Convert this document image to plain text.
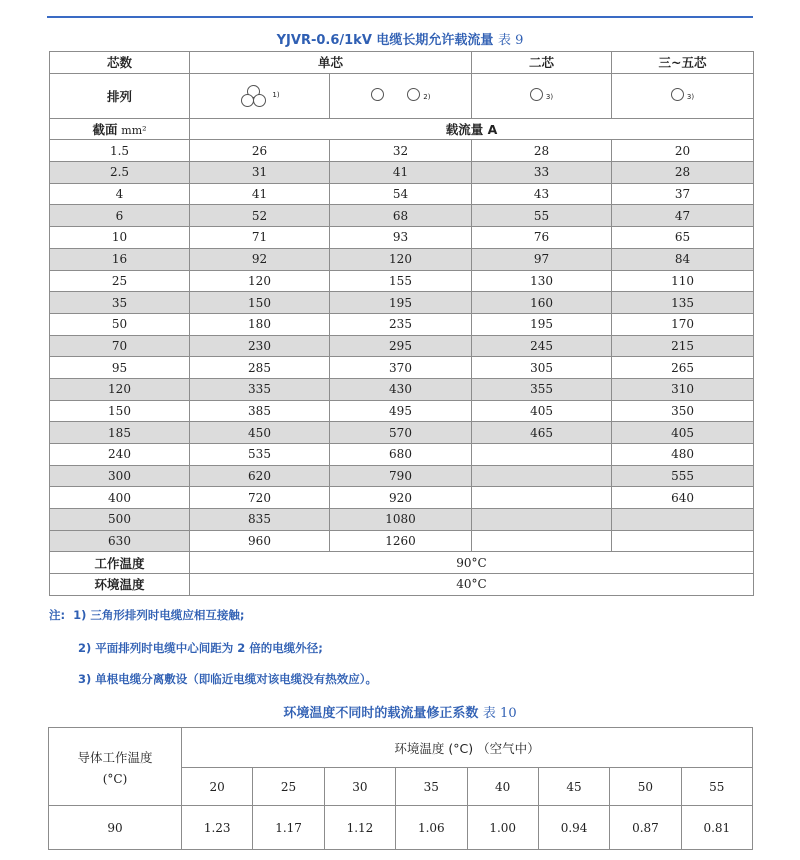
YJVR-0.6/1kV 电缆长期允许载流量 表 9
芯数	单芯		二芯	三~五芯
排列	$^{1)}$	$^{2)}$	$^{3)}$	$^{3)}$
截面 mm²	载流量 A			
1.5	26	32	28	20
2.5	31	41	33	28
4	41	54	43	37
6	52	68	55	47
10	71	93	76	65
16	92	120	97	84
25	120	155	130	110
35	150	195	160	135
50	180	235	195	170
70	230	295	245	215
95	285	370	305	265
120	335	430	355	310
150	385	495	405	350
185	450	570	465	405
240	535	680		480
300	620	790		555
400	720	920		640
500	835	1080		
630	960	1260		
工作温度	90°C			
环境温度	40°C			
注: 1) 三角形排列时电缆应相互接触;
2) 平面排列时电缆中心间距为 2 倍的电缆外径;
3) 单根电缆分离敷设（即临近电缆对该电缆没有热效应）。
环境温度不同时的载流量修正系数 表 10
导体工作温度
(°C)	环境温度 (°C) （空气中）							
	20	25	30	35	40	45	50	55
90	1.23	1.17	1.12	1.06	1.00	0.94	0.87	0.81
